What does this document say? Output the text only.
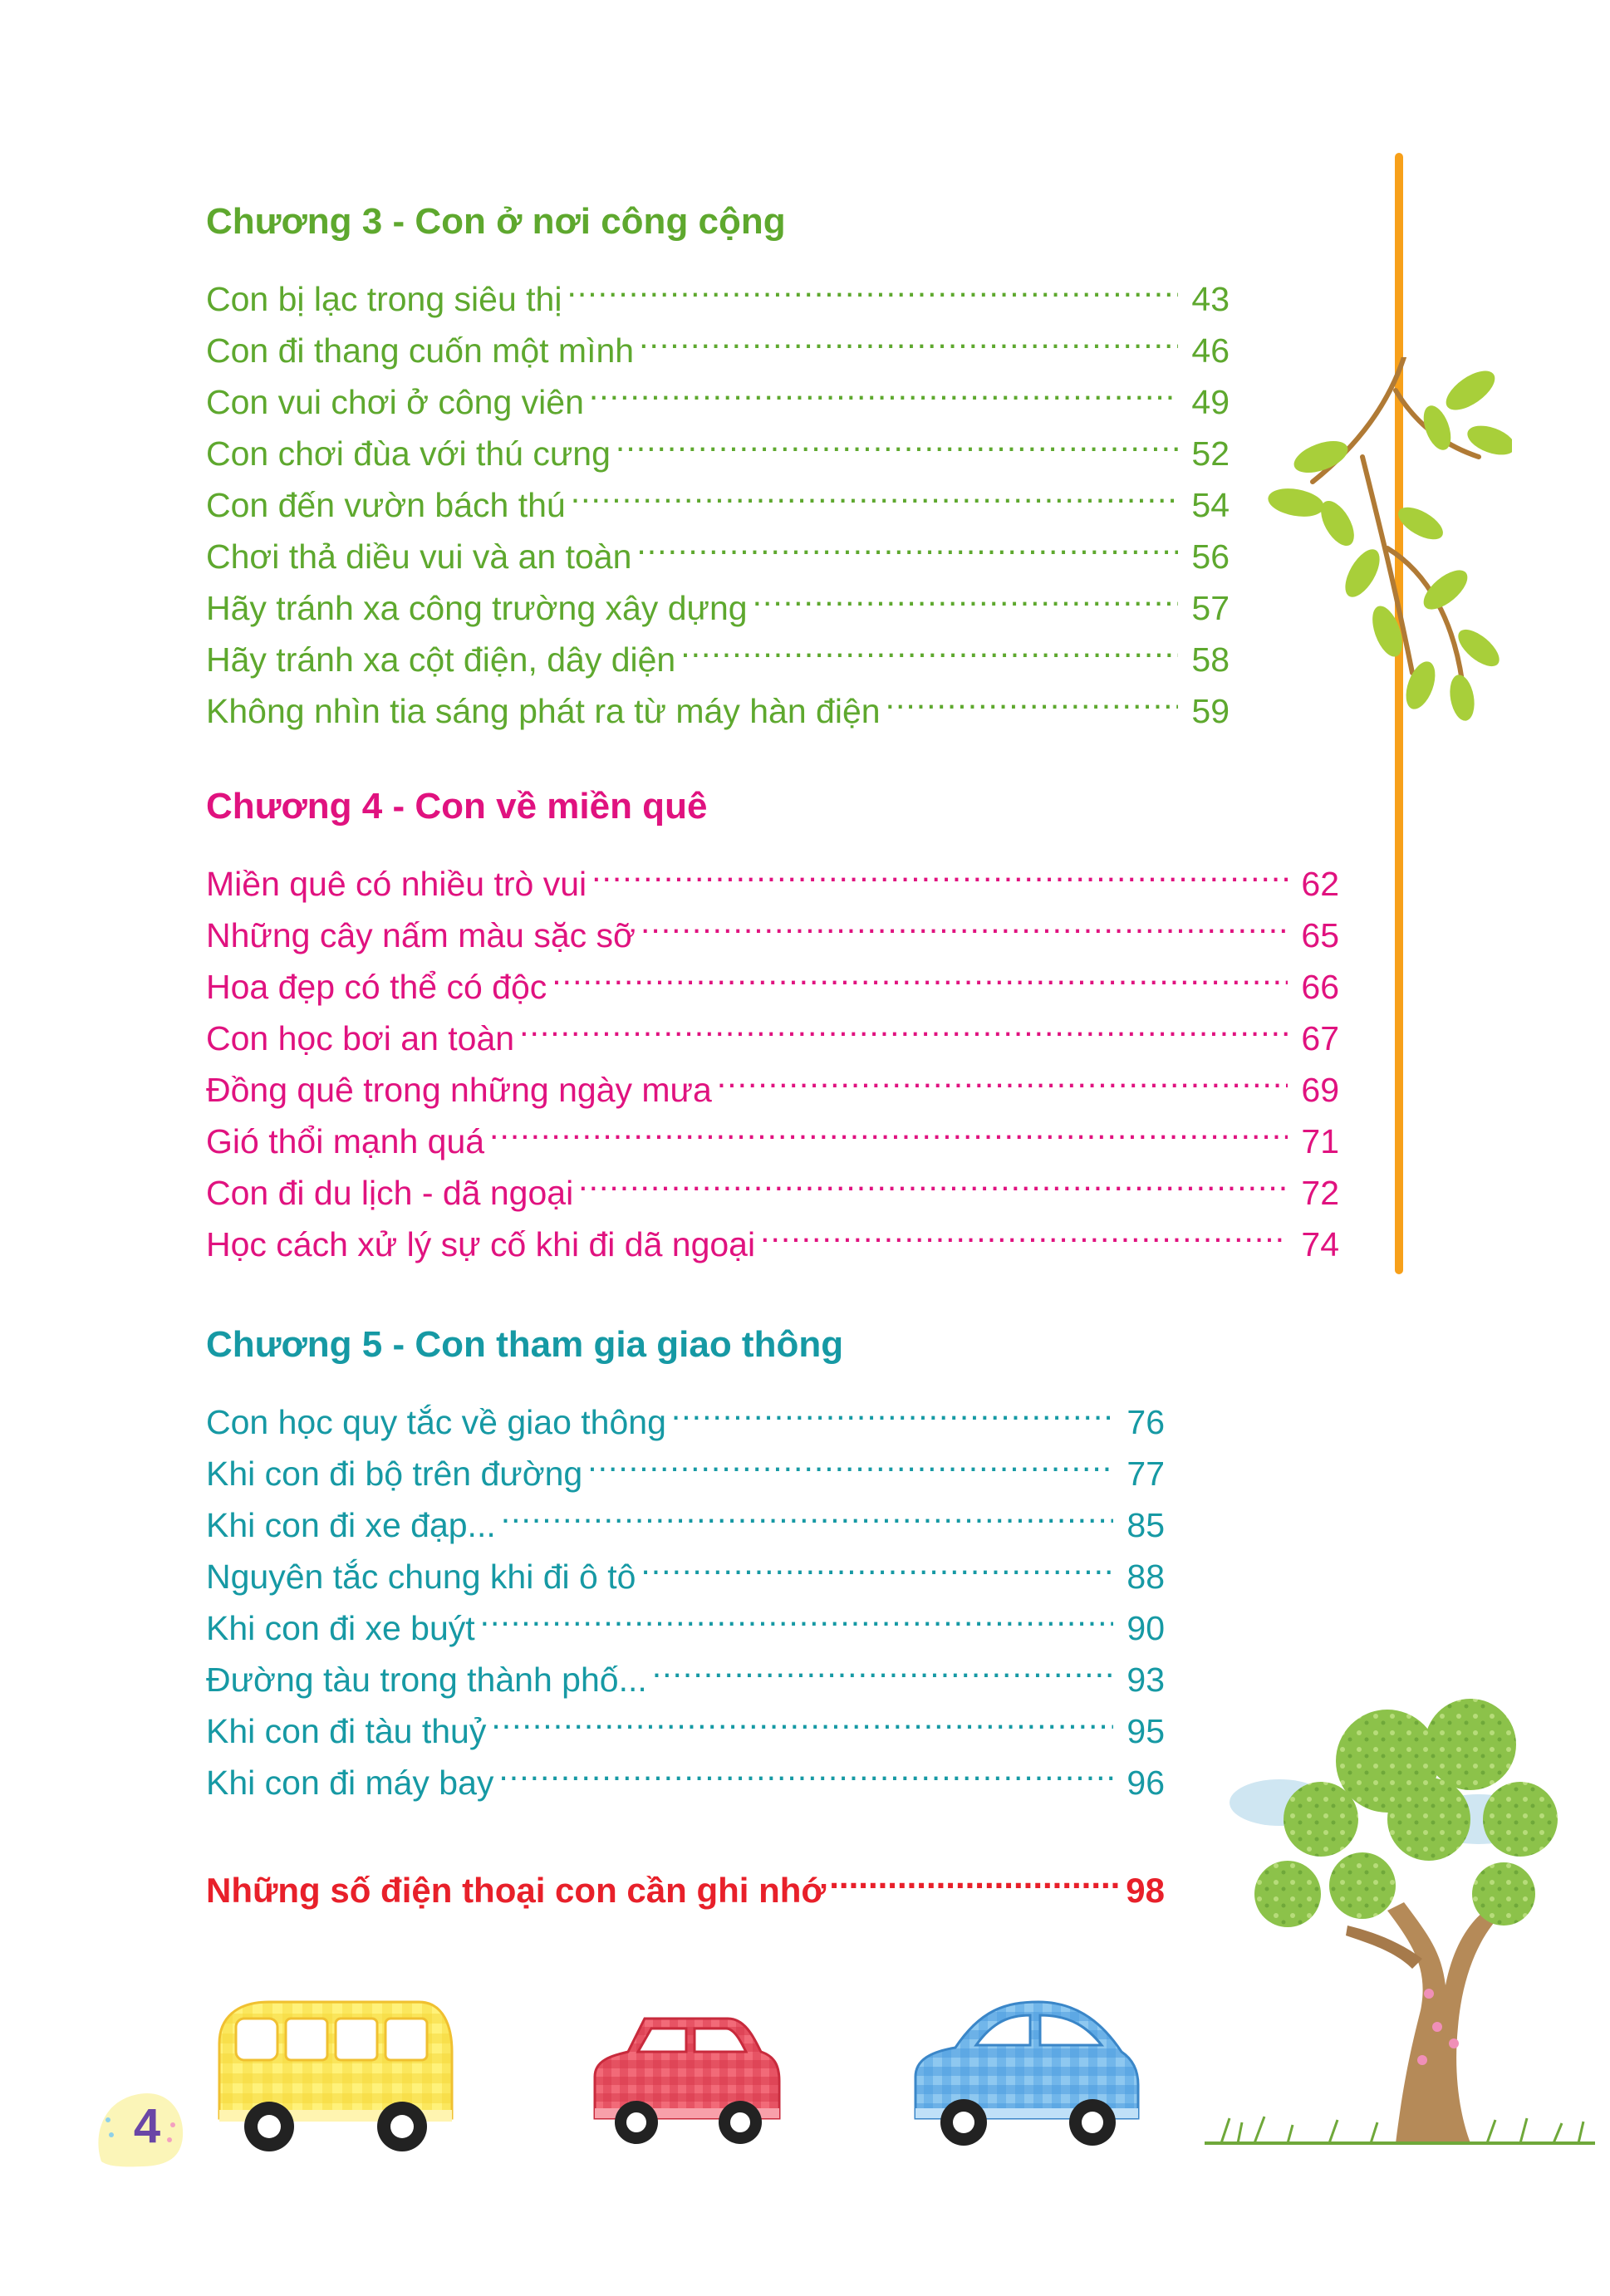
Chương 3 - Con ở nơi công cộng
Con bị lạc trong siêu thị .....	43
Con đi thang cuốn một mình .....	46
Con vui chơi ở công viên .....	49
Con chơi đùa với thú cưng .....	52
Con đến vườn bách thú .....	54
Chơi thả diều vui và an toàn .....	56
Hãy tránh xa công trường xây dựng .....	57
Hãy tránh xa cột điện, dây diện .....	58
Không nhìn tia sáng phát ra từ máy hàn điện .....	59
Chương 4 - Con về miền quê
Miền quê có nhiều trò vui .....	62
Những cây nấm màu sặc sỡ .....	65
Hoa đẹp có thể có độc .....	66
Con học bơi an toàn .....	67
Đồng quê trong những ngày mưa .....	69
Gió thổi mạnh quá .....	71
Con đi du lịch - dã ngoại .....	72
Học cách xử lý sự cố khi đi dã ngoại .....	74
Chương 5 - Con tham gia giao thông
Con học quy tắc về giao thông .....	76
Khi con đi bộ trên đường .....	77
Khi con đi xe đạp... .....	85
Nguyên tắc chung khi đi ô tô .....	88
Khi con đi xe buýt .....	90
Đường tàu trong thành phố... .....	93
Khi con đi tàu thuỷ .....	95
Khi con đi máy bay .....	96
Những số điện thoại con cần ghi nhớ .....	98
4
